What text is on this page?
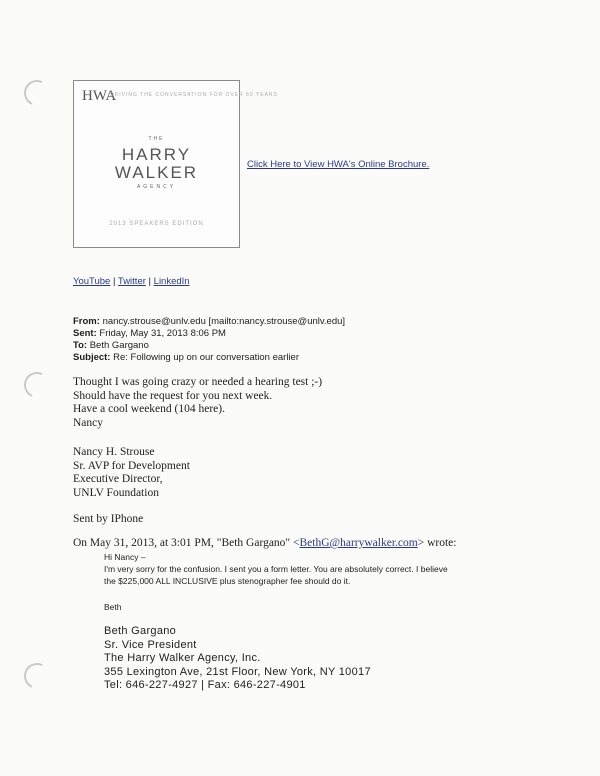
HWA
DRIVING THE CONVERSATION FOR OVER 60 YEARS
THE
HARRY
WALKER
AGENCY
2013 SPEAKERS EDITION
Click Here to View HWA's Online Brochure.
YouTube | Twitter | LinkedIn
From: nancy.strouse@unlv.edu [mailto:nancy.strouse@unlv.edu]
Sent: Friday, May 31, 2013 8:06 PM
To: Beth Gargano
Subject: Re: Following up on our conversation earlier
Thought I was going crazy or needed a hearing test ;-)
Should have the request for you next week.
Have a cool weekend (104 here).
Nancy
Nancy H. Strouse
Sr. AVP for Development
Executive Director,
UNLV Foundation
Sent by IPhone
On May 31, 2013, at 3:01 PM, "Beth Gargano" <BethG@harrywalker.com> wrote:
Hi Nancy –
I'm very sorry for the confusion. I sent you a form letter. You are absolutely correct. I believe
the $225,000 ALL INCLUSIVE plus stenographer fee should do it.
Beth
Beth Gargano
Sr. Vice President
The Harry Walker Agency, Inc.
355 Lexington Ave, 21st Floor, New York, NY 10017
Tel: 646-227-4927 | Fax: 646-227-4901
